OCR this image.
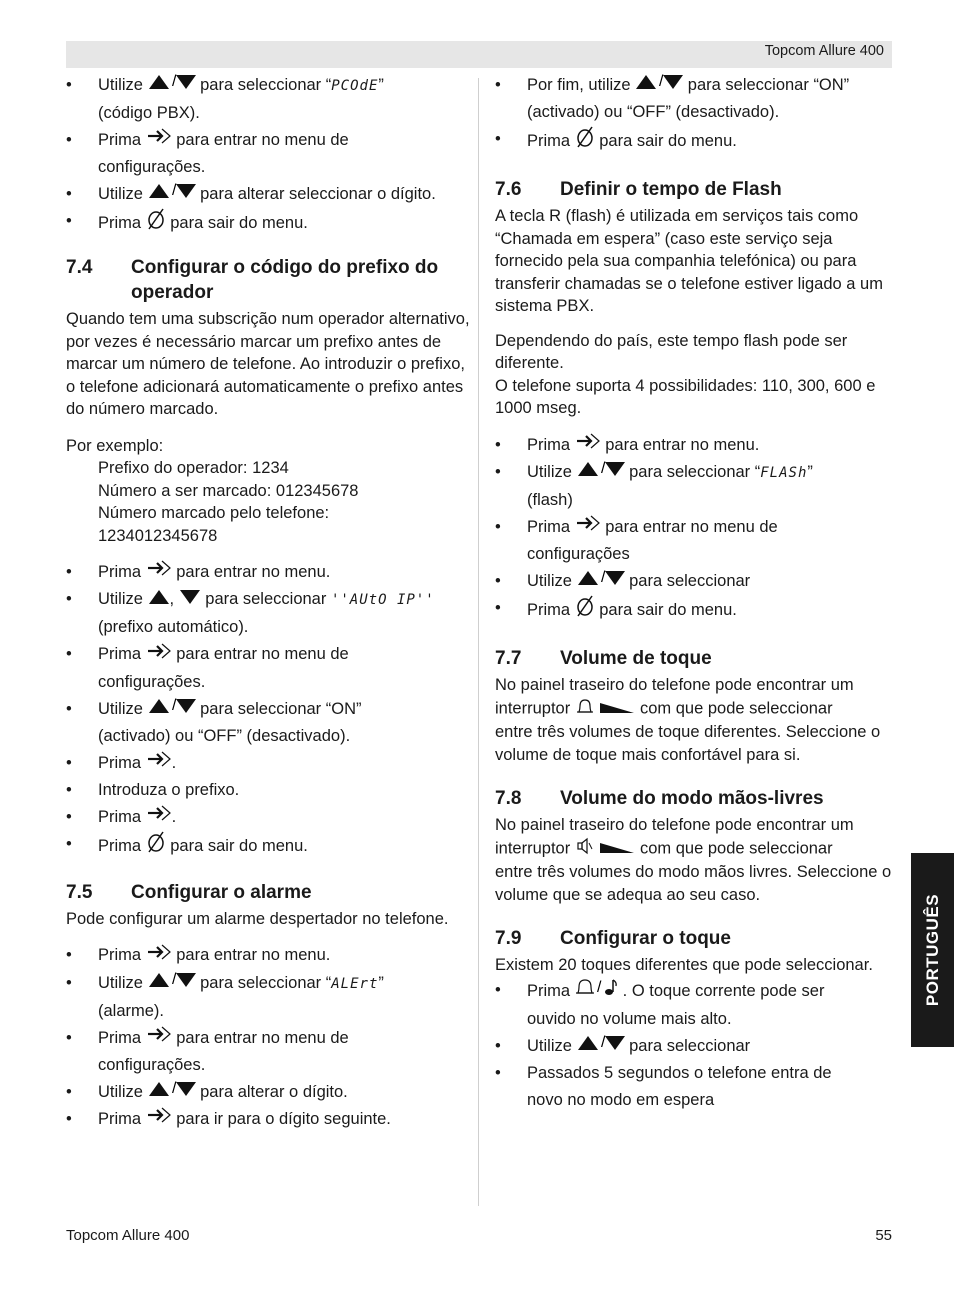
Topcom Allure 400
• Utilize / para seleccionar “PCOdE”
(código PBX).
• Prima  para entrar no menu de
configurações.
• Utilize / para alterar seleccionar o dígito.
• Prima  para sair do menu.
7.4 Configurar o código do prefixo do operador

Quando tem uma subscrição num operador alternativo, por vezes é necessário marcar um prefixo antes de marcar um número de telefone. Ao introduzir o prefixo, o telefone adicionará automaticamente o prefixo antes do número marcado.

Por exemplo:

Prefixo do operador: 1234
Número a ser marcado: 012345678
Número marcado pelo telefone:
1234012345678
• Prima  para entrar no menu.
• Utilize ,  para seleccionar ''AUtO IP''
(prefixo automático).
• Prima  para entrar no menu de
configurações.
• Utilize / para seleccionar “ON”
(activado) ou “OFF” (desactivado).
• Prima .
• Introduza o prefixo.
• Prima .
• Prima  para sair do menu.
7.5 Configurar o alarme

Pode configurar um alarme despertador no telefone.

• Prima  para entrar no menu.
• Utilize / para seleccionar “ALErt”
(alarme).
• Prima  para entrar no menu de
configurações.
• Utilize / para alterar o dígito.
• Prima  para ir para o dígito seguinte.
• Por fim, utilize / para seleccionar “ON”
(activado) ou “OFF” (desactivado).
• Prima  para sair do menu.
7.6 Definir o tempo de Flash

A tecla R (flash) é utilizada em serviços tais como “Chamada em espera” (caso este serviço seja fornecido pela sua companhia telefónica) ou para transferir chamadas se o telefone estiver ligado a um sistema PBX.

Dependendo do país, este tempo flash pode ser diferente.

O telefone suporta 4 possibilidades: 110, 300, 600 e 1000 mseg.

• Prima  para entrar no menu.
• Utilize / para seleccionar “FLASh”
(flash)
• Prima  para entrar no menu de
configurações
• Utilize / para seleccionar
• Prima  para sair do menu.
7.7 Volume de toque

No painel traseiro do telefone pode encontrar um
interruptor	com que pode seleccionar
entre três volumes de toque diferentes. Seleccione o volume de toque mais confortável para si.

7.8 Volume do modo mãos-livres

No painel traseiro do telefone pode encontrar um
interruptor	com que pode seleccionar
entre três volumes do modo mãos livres. Seleccione o volume que se adequa ao seu caso.

7.9 Configurar o toque

Existem 20 toques diferentes que pode seleccionar.

• Prima / . O toque corrente pode ser
ouvido no volume mais alto.
• Utilize / para seleccionar
• Passados 5 segundos o telefone entra de
novo no modo em espera
PORTUGUÊS
Topcom Allure 400	55
